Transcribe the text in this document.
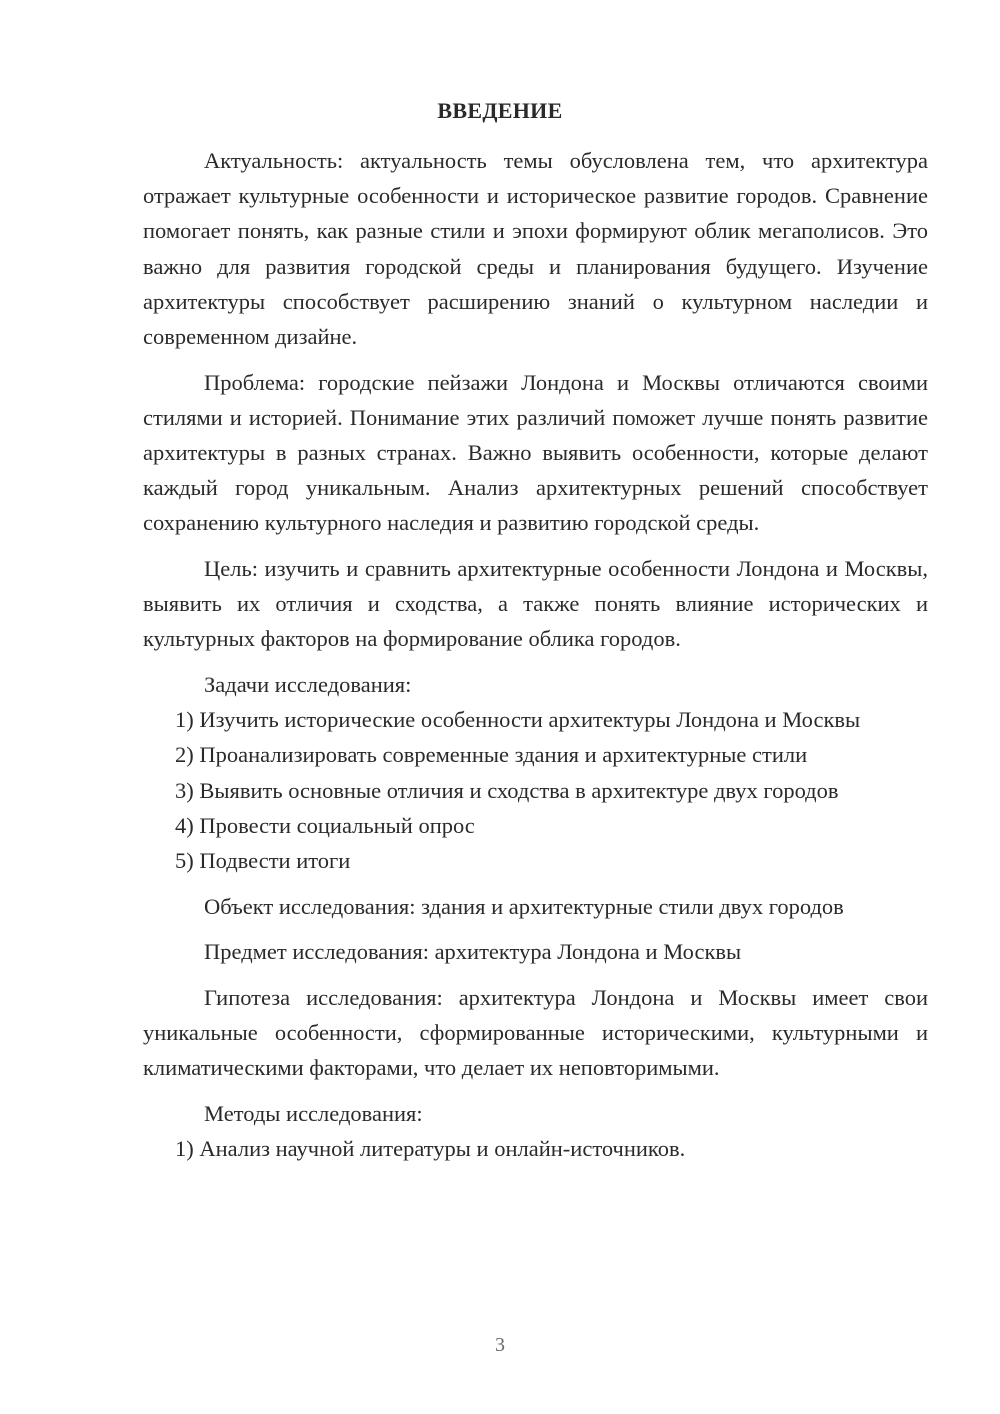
ВВЕДЕНИЕ

Актуальность: актуальность темы обусловлена тем, что архитектура отражает культурные особенности и историческое развитие городов. Сравнение помогает понять, как разные стили и эпохи формируют облик мегаполисов. Это важно для развития городской среды и планирования будущего. Изучение архитектуры способствует расширению знаний о культурном наследии и современном дизайне.

Проблема: городские пейзажи Лондона и Москвы отличаются своими стилями и историей. Понимание этих различий поможет лучше понять развитие архитектуры в разных странах. Важно выявить особенности, которые делают каждый город уникальным. Анализ архитектурных решений способствует сохранению культурного наследия и развитию городской среды.

Цель: изучить и сравнить архитектурные особенности Лондона и Москвы, выявить их отличия и сходства, а также понять влияние исторических и культурных факторов на формирование облика городов.

Задачи исследования:

1) Изучить исторические особенности архитектуры Лондона и Москвы

2) Проанализировать современные здания и архитектурные стили

3) Выявить основные отличия и сходства в архитектуре двух городов

4) Провести социальный опрос

5) Подвести итоги

Объект исследования: здания и архитектурные стили двух городов

Предмет исследования: архитектура Лондона и Москвы

Гипотеза исследования: архитектура Лондона и Москвы имеет свои уникальные особенности, сформированные историческими, культурными и климатическими факторами, что делает их неповторимыми.

Методы исследования:

1) Анализ научной литературы и онлайн-источников.

3
